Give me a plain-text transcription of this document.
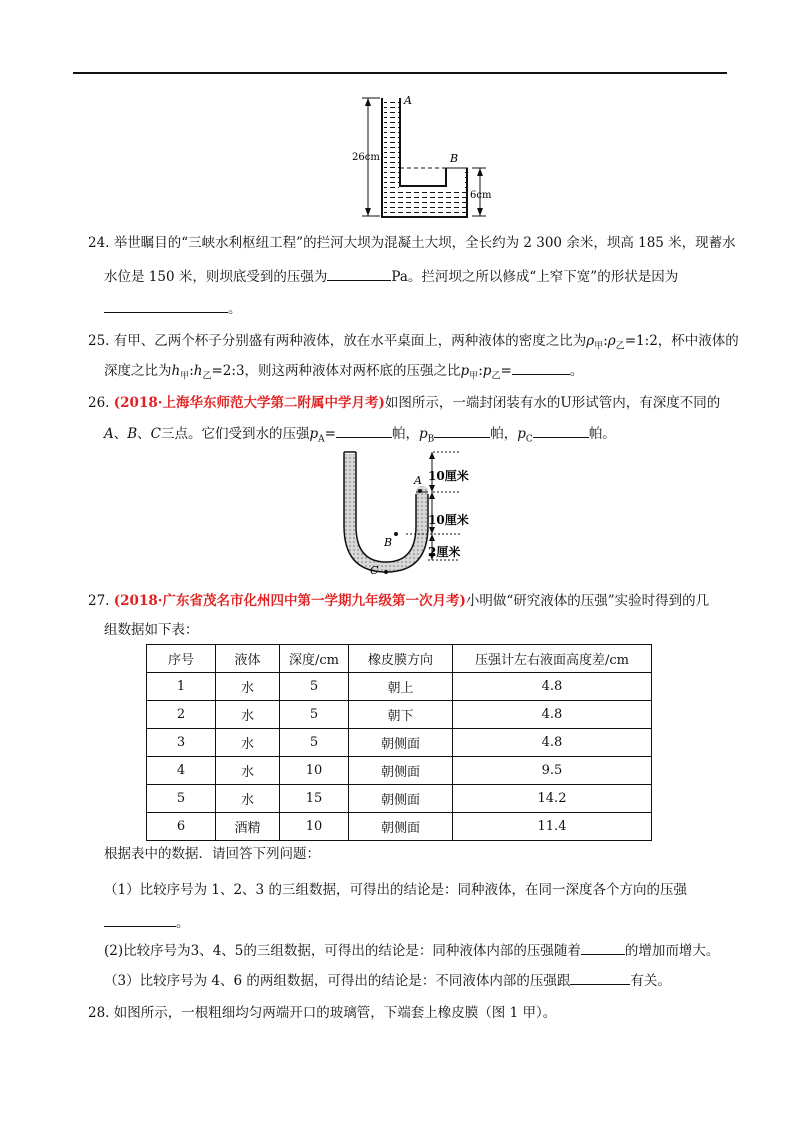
26cm
6cm
A
B
24. 举世瞩目的“三峡水利枢纽工程”的拦河大坝为混凝土大坝，全长约为 2 300 余米，坝高 185 米，现蓄水
水位是 150 米，则坝底受到的压强为	Pa。拦河坝之所以修成“上窄下宽”的形状是因为
。
25. 有甲、乙两个杯子分别盛有两种液体，放在水平桌面上，两种液体的密度之比为$\rho_甲:\rho_乙=1:2$，杯中液体的
深度之比为$h_甲:h_乙=2:3$，则这两种液体对两杯底的压强之比$p_甲:p_乙=$	。
26. (2018·上海华东师范大学第二附属中学月考)如图所示，一端封闭装有水的U形试管内，有深度不同的
A、B、C三点。它们受到水的压强$p_A=$	帕，$p_B$	帕，$p_C$	帕。
10厘米
10厘米
2厘米
A
B
C
27. (2018·广东省茂名市化州四中第一学期九年级第一次月考)小明做“研究液体的压强”实验时得到的几
组数据如下表：
序号	液体	深度/cm	橡皮膜方向	压强计左右液面高度差/cm
1	水	5	朝上	4.8
2	水	5	朝下	4.8
3	水	5	朝侧面	4.8
4	水	10	朝侧面	9.5
5	水	15	朝侧面	14.2
6	酒精	10	朝侧面	11.4
根据表中的数据．请回答下列问题：
（1）比较序号为 1、2、3 的三组数据，可得出的结论是：同种液体，在同一深度各个方向的压强
。
(2)比较序号为3、4、5的三组数据，可得出的结论是：同种液体内部的压强随着	的增加而增大。
（3）比较序号为 4、6 的两组数据，可得出的结论是：不同液体内部的压强跟	有关。
28. 如图所示，一根粗细均匀两端开口的玻璃管，下端套上橡皮膜（图 1 甲）。
